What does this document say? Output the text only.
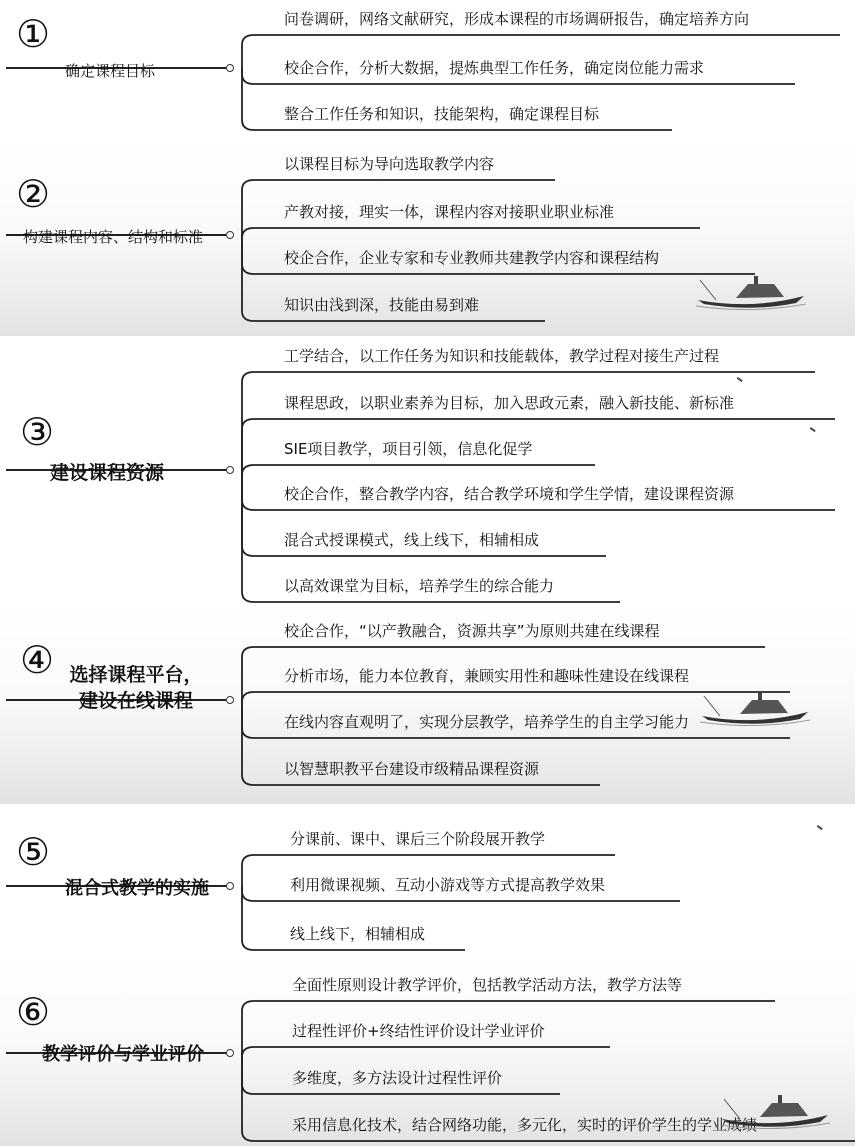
①
确定课程目标
问卷调研，网络文献研究，形成本课程的市场调研报告，确定培养方向
校企合作，分析大数据，提炼典型工作任务，确定岗位能力需求
整合工作任务和知识，技能架构，确定课程目标
②
构建课程内容、结构和标准
以课程目标为导向选取教学内容
产教对接，理实一体，课程内容对接职业职业标准
校企合作，企业专家和专业教师共建教学内容和课程结构
知识由浅到深，技能由易到难
③
建设课程资源
工学结合，以工作任务为知识和技能载体，教学过程对接生产过程
课程思政，以职业素养为目标，加入思政元素，融入新技能、新标准
SIE项目教学，项目引领，信息化促学
校企合作，整合教学内容，结合教学环境和学生学情，建设课程资源
混合式授课模式，线上线下，相辅相成
以高效课堂为目标，培养学生的综合能力
④ 选择课程平台，
建设在线课程
校企合作，“以产教融合，资源共享”为原则共建在线课程
分析市场，能力本位教育，兼顾实用性和趣味性建设在线课程
在线内容直观明了，实现分层教学，培养学生的自主学习能力
以智慧职教平台建设市级精品课程资源
⑤
混合式教学的实施
分课前、课中、课后三个阶段展开教学
利用微课视频、互动小游戏等方式提高教学效果
线上线下，相辅相成
⑥
教学评价与学业评价
全面性原则设计教学评价，包括教学活动方法，教学方法等
过程性评价+终结性评价设计学业评价
多维度，多方法设计过程性评价
采用信息化技术，结合网络功能，多元化，实时的评价学生的学业成绩
